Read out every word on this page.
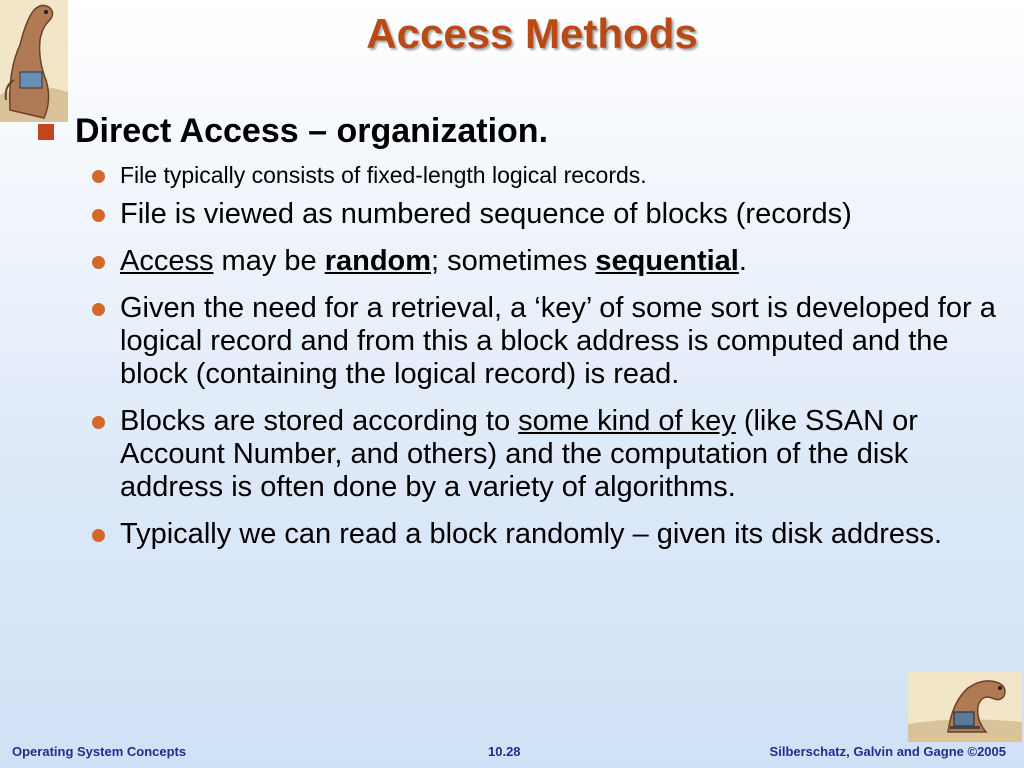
Access Methods
Direct Access – organization.
File typically consists of fixed-length logical records.
File is viewed as numbered sequence of blocks (records)
Access may be random; sometimes sequential.
Given the need for a retrieval, a ‘key’ of some sort is developed for a logical record and from this a block address is computed and the block (containing the logical record) is read.
Blocks are stored according to some kind of key (like SSAN or Account Number, and others) and the computation of the disk address is often done by a variety of algorithms.
Typically we can read a block randomly – given its disk address.
Operating System Concepts	10.28	Silberschatz, Galvin and Gagne ©2005
